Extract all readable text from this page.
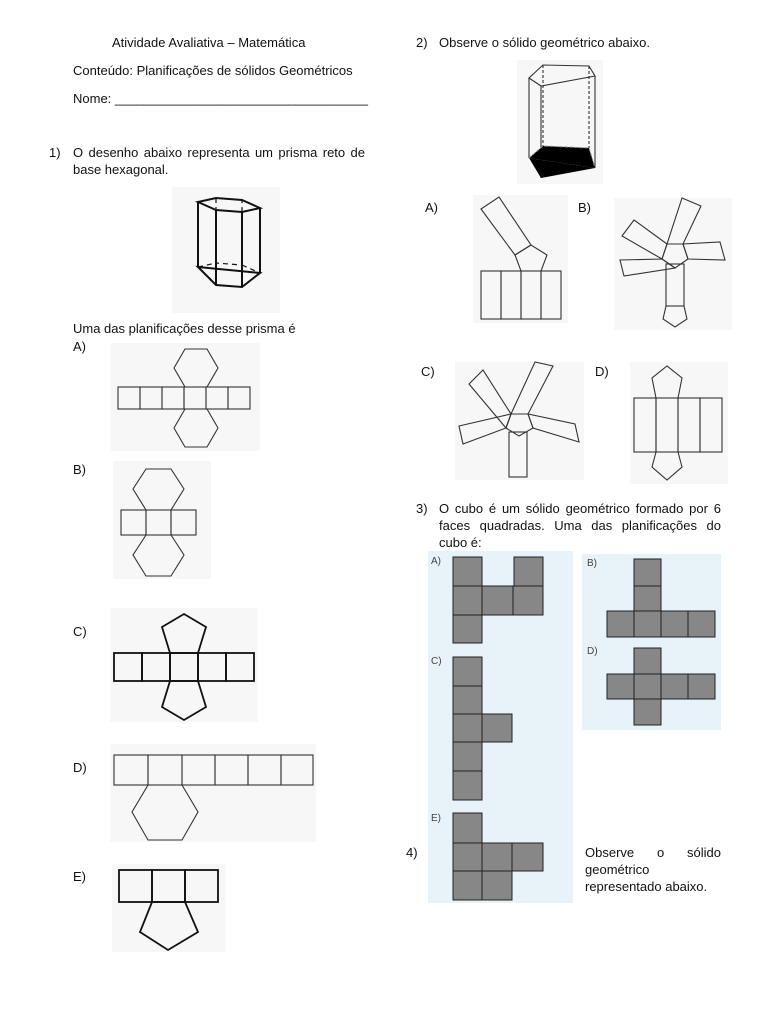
Atividade Avaliativa – Matemática
Conteúdo: Planificações de sólidos Geométricos
Nome: ___________________________________
1) O desenho abaixo representa um prisma reto de base hexagonal.
Uma das planificações desse prisma é
A)
B)
C)
D)
E)
2) Observe o sólido geométrico abaixo.
A)	B)
C)	D)
3) O cubo é um sólido geométrico formado por 6 faces quadradas. Uma das planificações do cubo é:
A)	B)
D)
C)
E)
4)	Observe o sólido geométrico representado abaixo.
